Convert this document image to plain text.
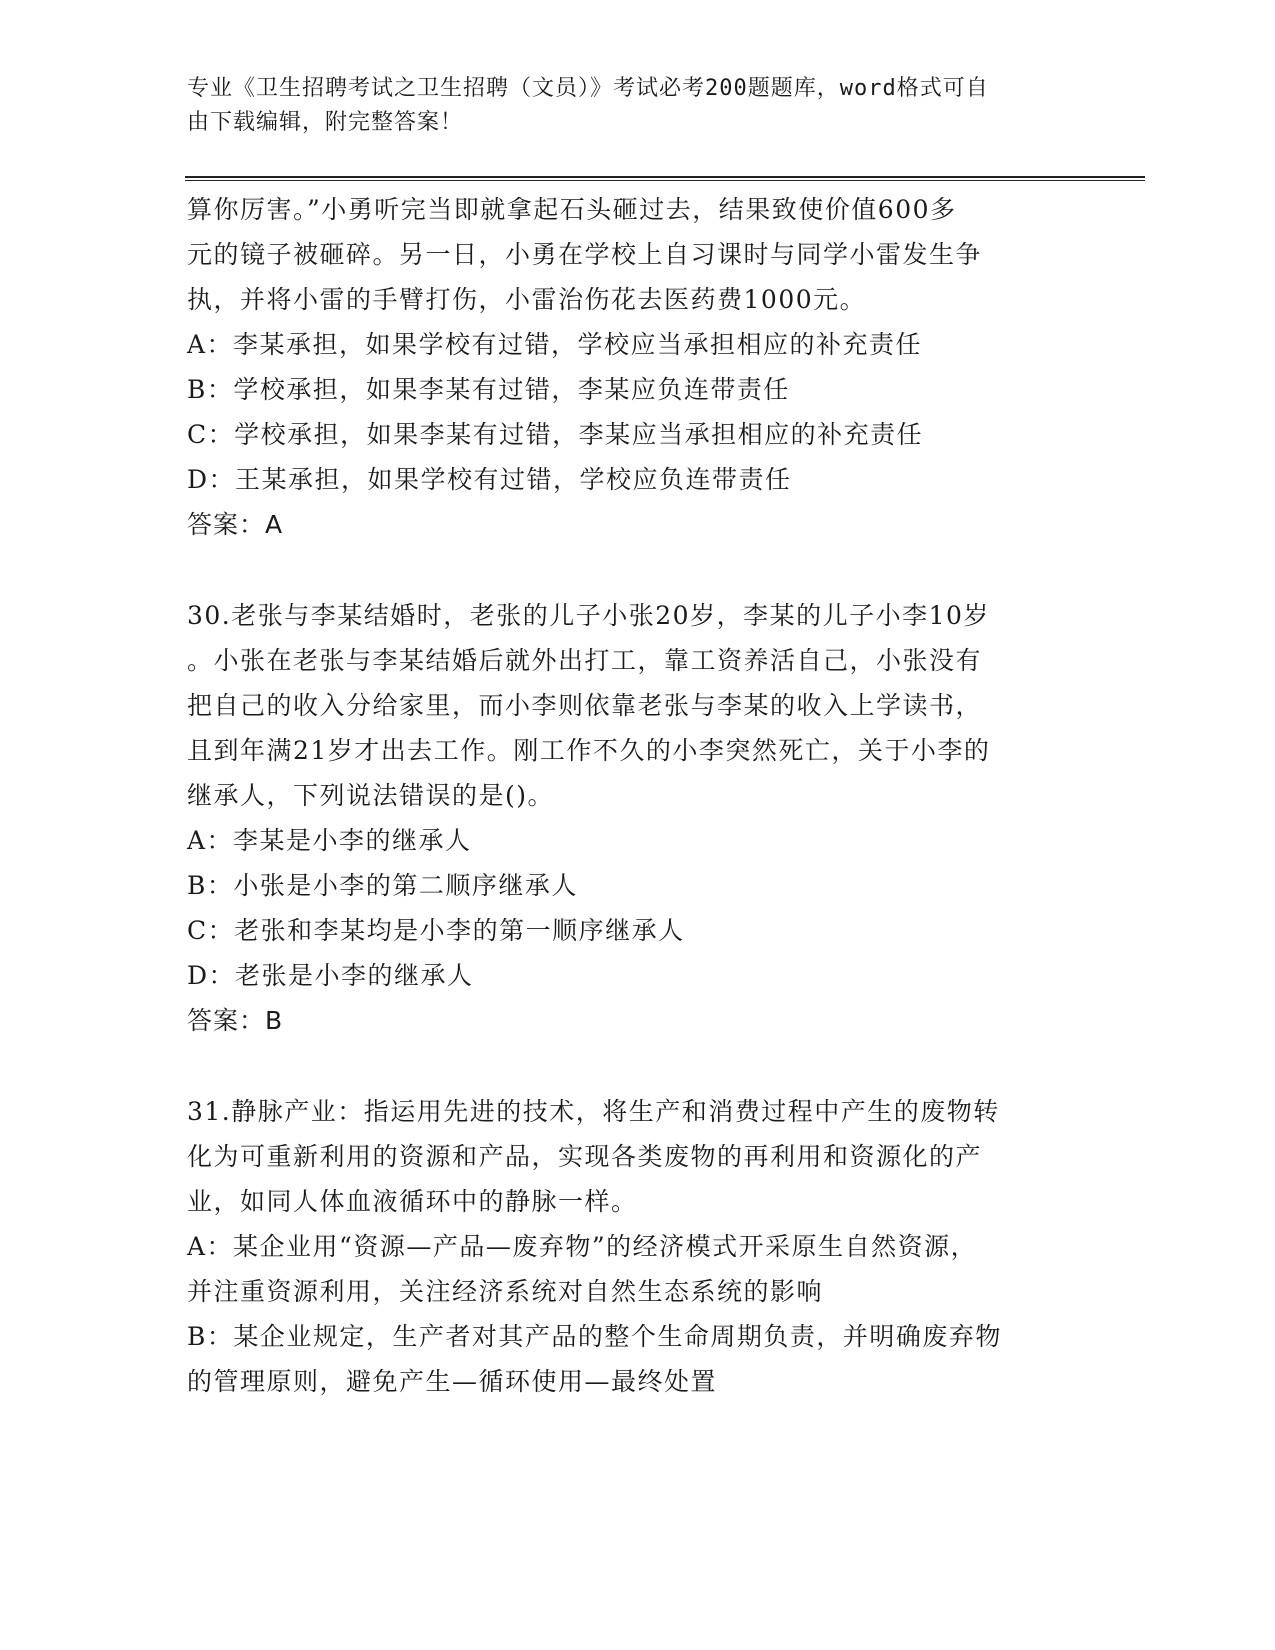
专业《卫生招聘考试之卫生招聘（文员）》考试必考200题题库，word格式可自
由下载编辑，附完整答案！

算你厉害。”小勇听完当即就拿起石头砸过去，结果致使价值600多

元的镜子被砸碎。另一日，小勇在学校上自习课时与同学小雷发生争

执，并将小雷的手臂打伤，小雷治伤花去医药费1000元。

A：李某承担，如果学校有过错，学校应当承担相应的补充责任

B：学校承担，如果李某有过错，李某应负连带责任

C：学校承担，如果李某有过错，李某应当承担相应的补充责任

D：王某承担，如果学校有过错，学校应负连带责任

答案：A

30.老张与李某结婚时，老张的儿子小张20岁，李某的儿子小李10岁

。小张在老张与李某结婚后就外出打工，靠工资养活自己，小张没有

把自己的收入分给家里，而小李则依靠老张与李某的收入上学读书，

且到年满21岁才出去工作。刚工作不久的小李突然死亡，关于小李的

继承人，下列说法错误的是()。

A：李某是小李的继承人

B：小张是小李的第二顺序继承人

C：老张和李某均是小李的第一顺序继承人

D：老张是小李的继承人

答案：B

31.静脉产业：指运用先进的技术，将生产和消费过程中产生的废物转

化为可重新利用的资源和产品，实现各类废物的再利用和资源化的产

业，如同人体血液循环中的静脉一样。

A：某企业用“资源—产品—废弃物”的经济模式开采原生自然资源，

并注重资源利用，关注经济系统对自然生态系统的影响

B：某企业规定，生产者对其产品的整个生命周期负责，并明确废弃物

的管理原则，避免产生—循环使用—最终处置
